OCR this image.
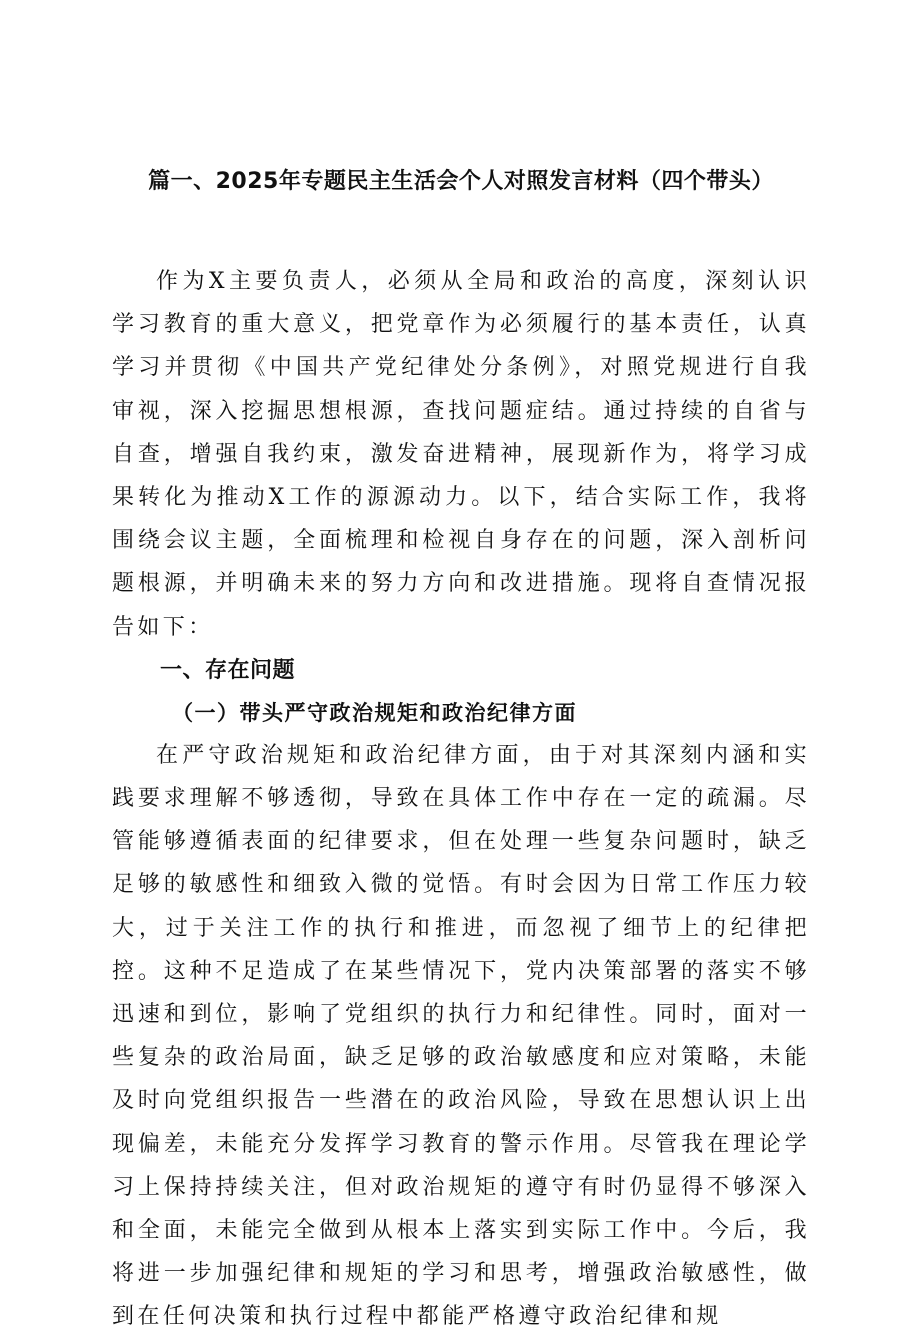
篇一、2025年专题民主生活会个人对照发言材料（四个带头）

作为X主要负责人，必须从全局和政治的高度，深刻认识学习教育的重大意义，把党章作为必须履行的基本责任，认真学习并贯彻《中国共产党纪律处分条例》，对照党规进行自我审视，深入挖掘思想根源，查找问题症结。通过持续的自省与自查，增强自我约束，激发奋进精神，展现新作为，将学习成果转化为推动X工作的源源动力。以下，结合实际工作，我将围绕会议主题，全面梳理和检视自身存在的问题，深入剖析问题根源，并明确未来的努力方向和改进措施。现将自查情况报告如下：

一、存在问题
（一）带头严守政治规矩和政治纪律方面

在严守政治规矩和政治纪律方面，由于对其深刻内涵和实践要求理解不够透彻，导致在具体工作中存在一定的疏漏。尽管能够遵循表面的纪律要求，但在处理一些复杂问题时，缺乏足够的敏感性和细致入微的觉悟。有时会因为日常工作压力较大，过于关注工作的执行和推进，而忽视了细节上的纪律把控。这种不足造成了在某些情况下，党内决策部署的落实不够迅速和到位，影响了党组织的执行力和纪律性。同时，面对一些复杂的政治局面，缺乏足够的政治敏感度和应对策略，未能及时向党组织报告一些潜在的政治风险，导致在思想认识上出现偏差，未能充分发挥学习教育的警示作用。尽管我在理论学习上保持持续关注，但对政治规矩的遵守有时仍显得不够深入和全面，未能完全做到从根本上落实到实际工作中。今后，我将进一步加强纪律和规矩的学习和思考，增强政治敏感性，做到在任何决策和执行过程中都能严格遵守政治纪律和规
